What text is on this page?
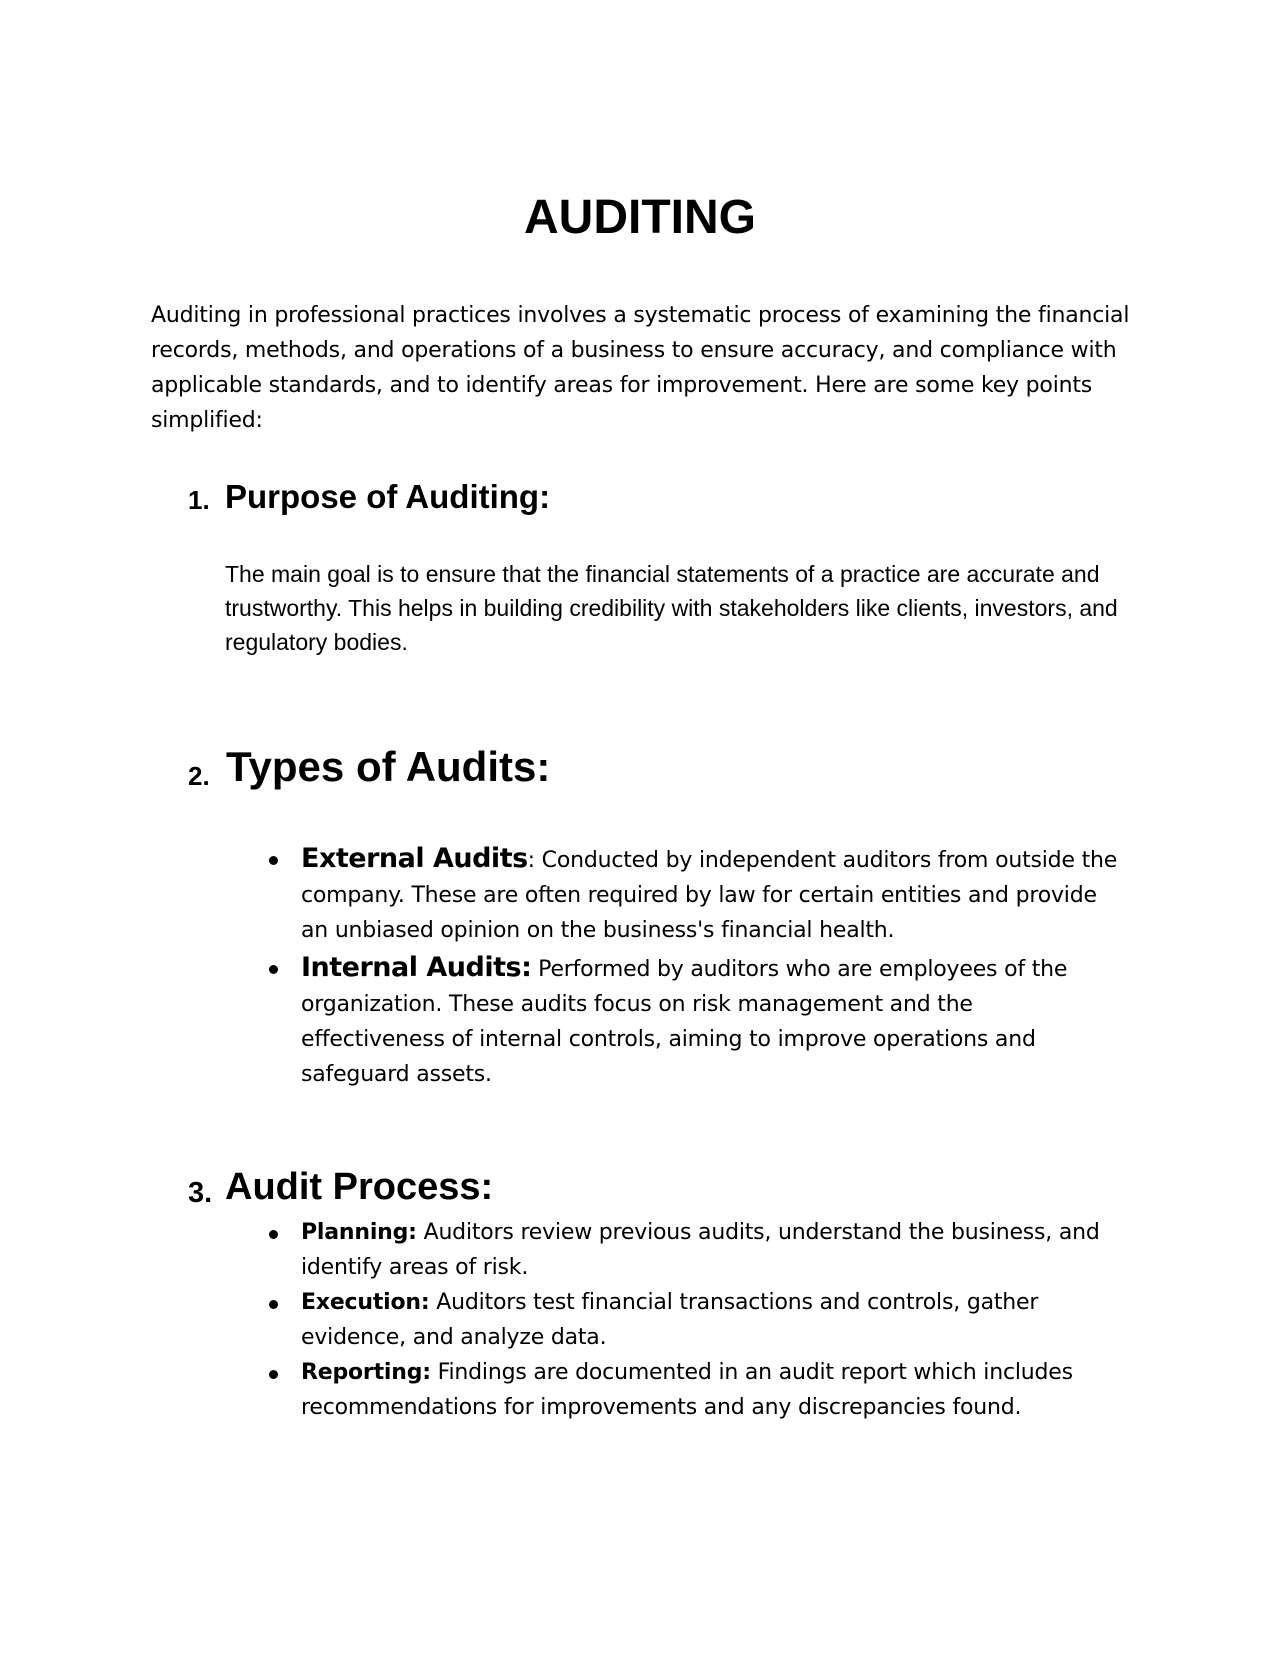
AUDITING

Auditing in professional practices involves a systematic process of examining the financial records, methods, and operations of a business to ensure accuracy, and compliance with applicable standards, and to identify areas for improvement. Here are some key points simplified:

1. Purpose of Auditing:

The main goal is to ensure that the financial statements of a practice are accurate and trustworthy. This helps in building credibility with stakeholders like clients, investors, and regulatory bodies.

2. Types of Audits:
External Audits: Conducted by independent auditors from outside the company. These are often required by law for certain entities and provide an unbiased opinion on the business's financial health.
Internal Audits: Performed by auditors who are employees of the organization. These audits focus on risk management and the effectiveness of internal controls, aiming to improve operations and safeguard assets.
3. Audit Process:
Planning: Auditors review previous audits, understand the business, and identify areas of risk.
Execution: Auditors test financial transactions and controls, gather evidence, and analyze data.
Reporting: Findings are documented in an audit report which includes recommendations for improvements and any discrepancies found.
